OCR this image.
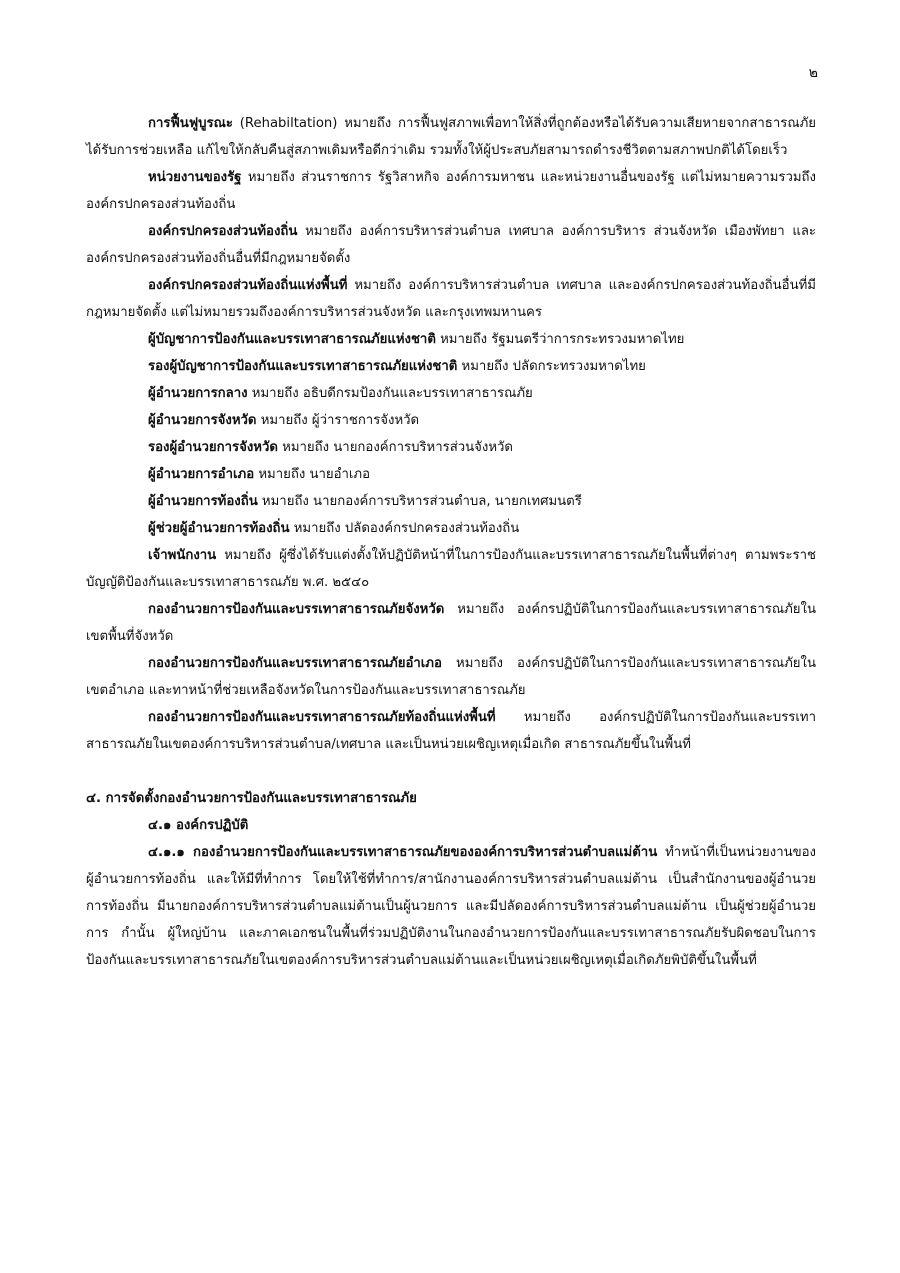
๒

การฟื้นฟูบูรณะ (Rehabiltation) หมายถึง การฟื้นฟูสภาพเพื่อทาให้สิ่งที่ถูกต้องหรือได้รับความเสียหายจากสาธารณภัยได้รับการช่วยเหลือ แก้ไขให้กลับคืนสู่สภาพเดิมหรือดีกว่าเดิม รวมทั้งให้ผู้ประสบภัยสามารถดำรงชีวิตตามสภาพปกติได้โดยเร็ว

หน่วยงานของรัฐ หมายถึง ส่วนราชการ รัฐวิสาหกิจ องค์การมหาชน และหน่วยงานอื่นของรัฐ แต่ไม่หมายความรวมถึงองค์กรปกครองส่วนท้องถิ่น

องค์กรปกครองส่วนท้องถิ่น หมายถึง องค์การบริหารส่วนตำบล เทศบาล องค์การบริหาร ส่วนจังหวัด เมืองพัทยา และองค์กรปกครองส่วนท้องถิ่นอื่นที่มีกฎหมายจัดตั้ง

องค์กรปกครองส่วนท้องถิ่นแห่งพื้นที่ หมายถึง องค์การบริหารส่วนตำบล เทศบาล และองค์กรปกครองส่วนท้องถิ่นอื่นที่มีกฎหมายจัดตั้ง แต่ไม่หมายรวมถึงองค์การบริหารส่วนจังหวัด และกรุงเทพมหานคร

ผู้บัญชาการป้องกันและบรรเทาสาธารณภัยแห่งชาติ หมายถึง รัฐมนตรีว่าการกระทรวงมหาดไทย

รองผู้บัญชาการป้องกันและบรรเทาสาธารณภัยแห่งชาติ หมายถึง ปลัดกระทรวงมหาดไทย

ผู้อำนวยการกลาง หมายถึง อธิบดีกรมป้องกันและบรรเทาสาธารณภัย

ผู้อำนวยการจังหวัด หมายถึง ผู้ว่าราชการจังหวัด

รองผู้อำนวยการจังหวัด หมายถึง นายกองค์การบริหารส่วนจังหวัด

ผู้อำนวยการอำเภอ หมายถึง นายอำเภอ

ผู้อำนวยการท้องถิ่น หมายถึง นายกองค์การบริหารส่วนตำบล, นายกเทศมนตรี

ผู้ช่วยผู้อำนวยการท้องถิ่น หมายถึง ปลัดองค์กรปกครองส่วนท้องถิ่น

เจ้าพนักงาน หมายถึง ผู้ซึ่งได้รับแต่งตั้งให้ปฏิบัติหน้าที่ในการป้องกันและบรรเทาสาธารณภัยในพื้นที่ต่างๆ ตามพระราชบัญญัติป้องกันและบรรเทาสาธารณภัย พ.ศ. ๒๕๔๐

กองอำนวยการป้องกันและบรรเทาสาธารณภัยจังหวัด หมายถึง องค์กรปฏิบัติในการป้องกันและบรรเทาสาธารณภัยในเขตพื้นที่จังหวัด

กองอำนวยการป้องกันและบรรเทาสาธารณภัยอำเภอ หมายถึง องค์กรปฏิบัติในการป้องกันและบรรเทาสาธารณภัยในเขตอำเภอ และทาหน้าที่ช่วยเหลือจังหวัดในการป้องกันและบรรเทาสาธารณภัย

กองอำนวยการป้องกันและบรรเทาสาธารณภัยท้องถิ่นแห่งพื้นที่ หมายถึง องค์กรปฏิบัติในการป้องกันและบรรเทาสาธารณภัยในเขตองค์การบริหารส่วนตำบล/เทศบาล และเป็นหน่วยเผชิญเหตุเมื่อเกิด สาธารณภัยขึ้นในพื้นที่

๔. การจัดตั้งกองอำนวยการป้องกันและบรรเทาสาธารณภัย

๔.๑ องค์กรปฏิบัติ

๔.๑.๑ กองอำนวยการป้องกันและบรรเทาสาธารณภัยขององค์การบริหารส่วนตำบลแม่ต้าน ทำหน้าที่เป็นหน่วยงานของผู้อำนวยการท้องถิ่น และให้มีที่ทำการ โดยให้ใช้ที่ทำการ/สานักงานองค์การบริหารส่วนตำบลแม่ต้าน เป็นสำนักงานของผู้อำนวยการท้องถิ่น มีนายกองค์การบริหารส่วนตำบลแม่ต้านเป็นผู้นวยการ และมีปลัดองค์การบริหารส่วนตำบลแม่ต้าน เป็นผู้ช่วยผู้อำนวยการ กำนั้น ผู้ใหญ่บ้าน และภาคเอกชนในพื้นที่ร่วมปฏิบัติงานในกองอำนวยการป้องกันและบรรเทาสาธารณภัยรับผิดชอบในการป้องกันและบรรเทาสาธารณภัยในเขตองค์การบริหารส่วนตำบลแม่ต้านและเป็นหน่วยเผชิญเหตุเมื่อเกิดภัยพิบัติขึ้นในพื้นที่
